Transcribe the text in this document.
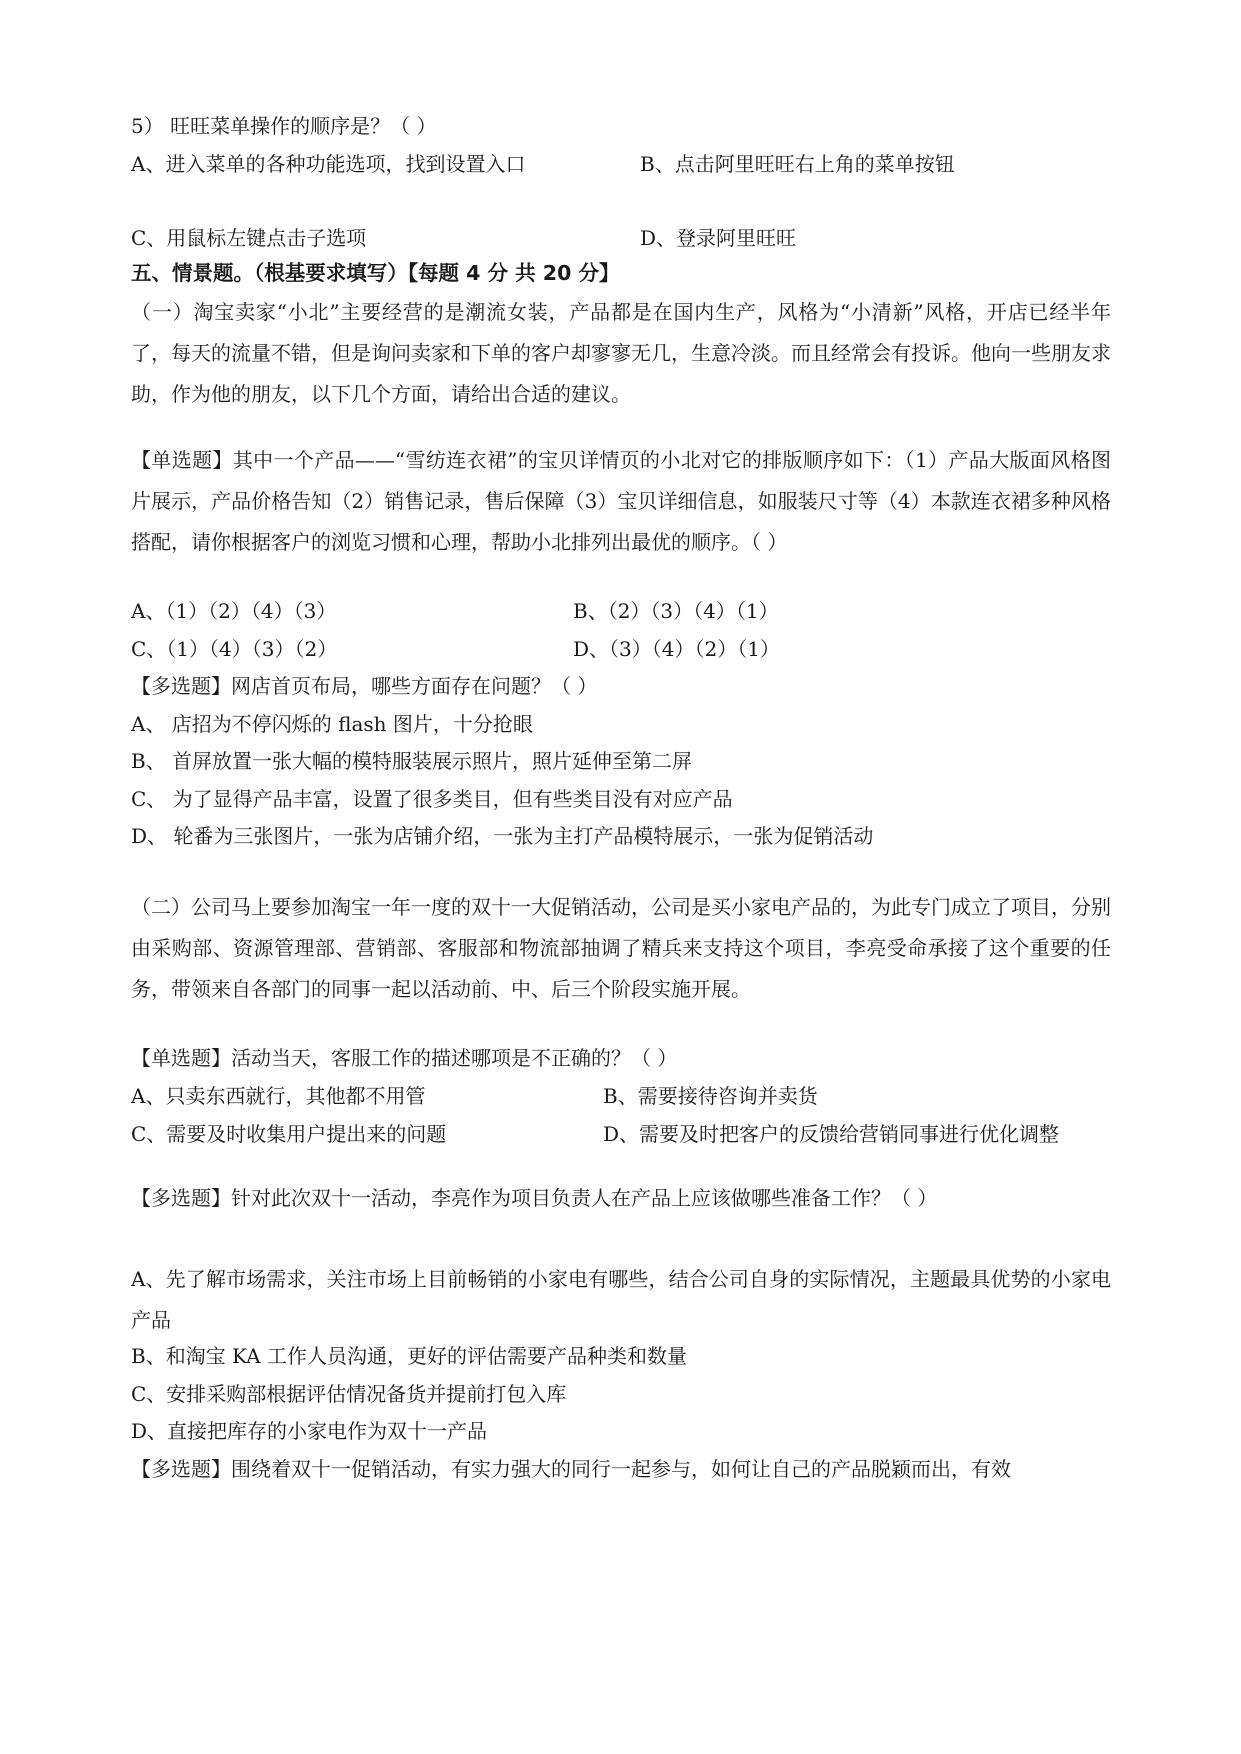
5） 旺旺菜单操作的顺序是？（ ）
A、进入菜单的各种功能选项，找到设置入口	B、点击阿里旺旺右上角的菜单按钮
C、用鼠标左键点击子选项	D、登录阿里旺旺
五、情景题。（根基要求填写）【每题 4 分 共 20 分】
（一）淘宝卖家“小北”主要经营的是潮流女装，产品都是在国内生产，风格为“小清新”风格，开店已经半年了，每天的流量不错，但是询问卖家和下单的客户却寥寥无几，生意冷淡。而且经常会有投诉。他向一些朋友求助，作为他的朋友，以下几个方面，请给出合适的建议。
【单选题】其中一个产品——“雪纺连衣裙”的宝贝详情页的小北对它的排版顺序如下：（1）产品大版面风格图片展示，产品价格告知（2）销售记录，售后保障（3）宝贝详细信息，如服装尺寸等（4）本款连衣裙多种风格搭配，请你根据客户的浏览习惯和心理，帮助小北排列出最优的顺序。（ ）
A、（1）（2）（4）（3）	B、（2）（3）（4）（1）
C、（1）（4）（3）（2）	D、（3）（4）（2）（1）
【多选题】网店首页布局，哪些方面存在问题？（ ）
A、 店招为不停闪烁的 flash 图片，十分抢眼
B、 首屏放置一张大幅的模特服装展示照片，照片延伸至第二屏
C、 为了显得产品丰富，设置了很多类目，但有些类目没有对应产品
D、 轮番为三张图片，一张为店铺介绍，一张为主打产品模特展示，一张为促销活动
（二）公司马上要参加淘宝一年一度的双十一大促销活动，公司是买小家电产品的，为此专门成立了项目，分别由采购部、资源管理部、营销部、客服部和物流部抽调了精兵来支持这个项目，李亮受命承接了这个重要的任务，带领来自各部门的同事一起以活动前、中、后三个阶段实施开展。
【单选题】活动当天，客服工作的描述哪项是不正确的？（ ）
A、只卖东西就行，其他都不用管	B、需要接待咨询并卖货
C、需要及时收集用户提出来的问题	D、需要及时把客户的反馈给营销同事进行优化调整
【多选题】针对此次双十一活动，李亮作为项目负责人在产品上应该做哪些准备工作？（ ）
A、先了解市场需求，关注市场上目前畅销的小家电有哪些，结合公司自身的实际情况，主题最具优势的小家电产品
B、和淘宝 KA 工作人员沟通，更好的评估需要产品种类和数量
C、安排采购部根据评估情况备货并提前打包入库
D、直接把库存的小家电作为双十一产品
【多选题】围绕着双十一促销活动，有实力强大的同行一起参与，如何让自己的产品脱颖而出，有效
